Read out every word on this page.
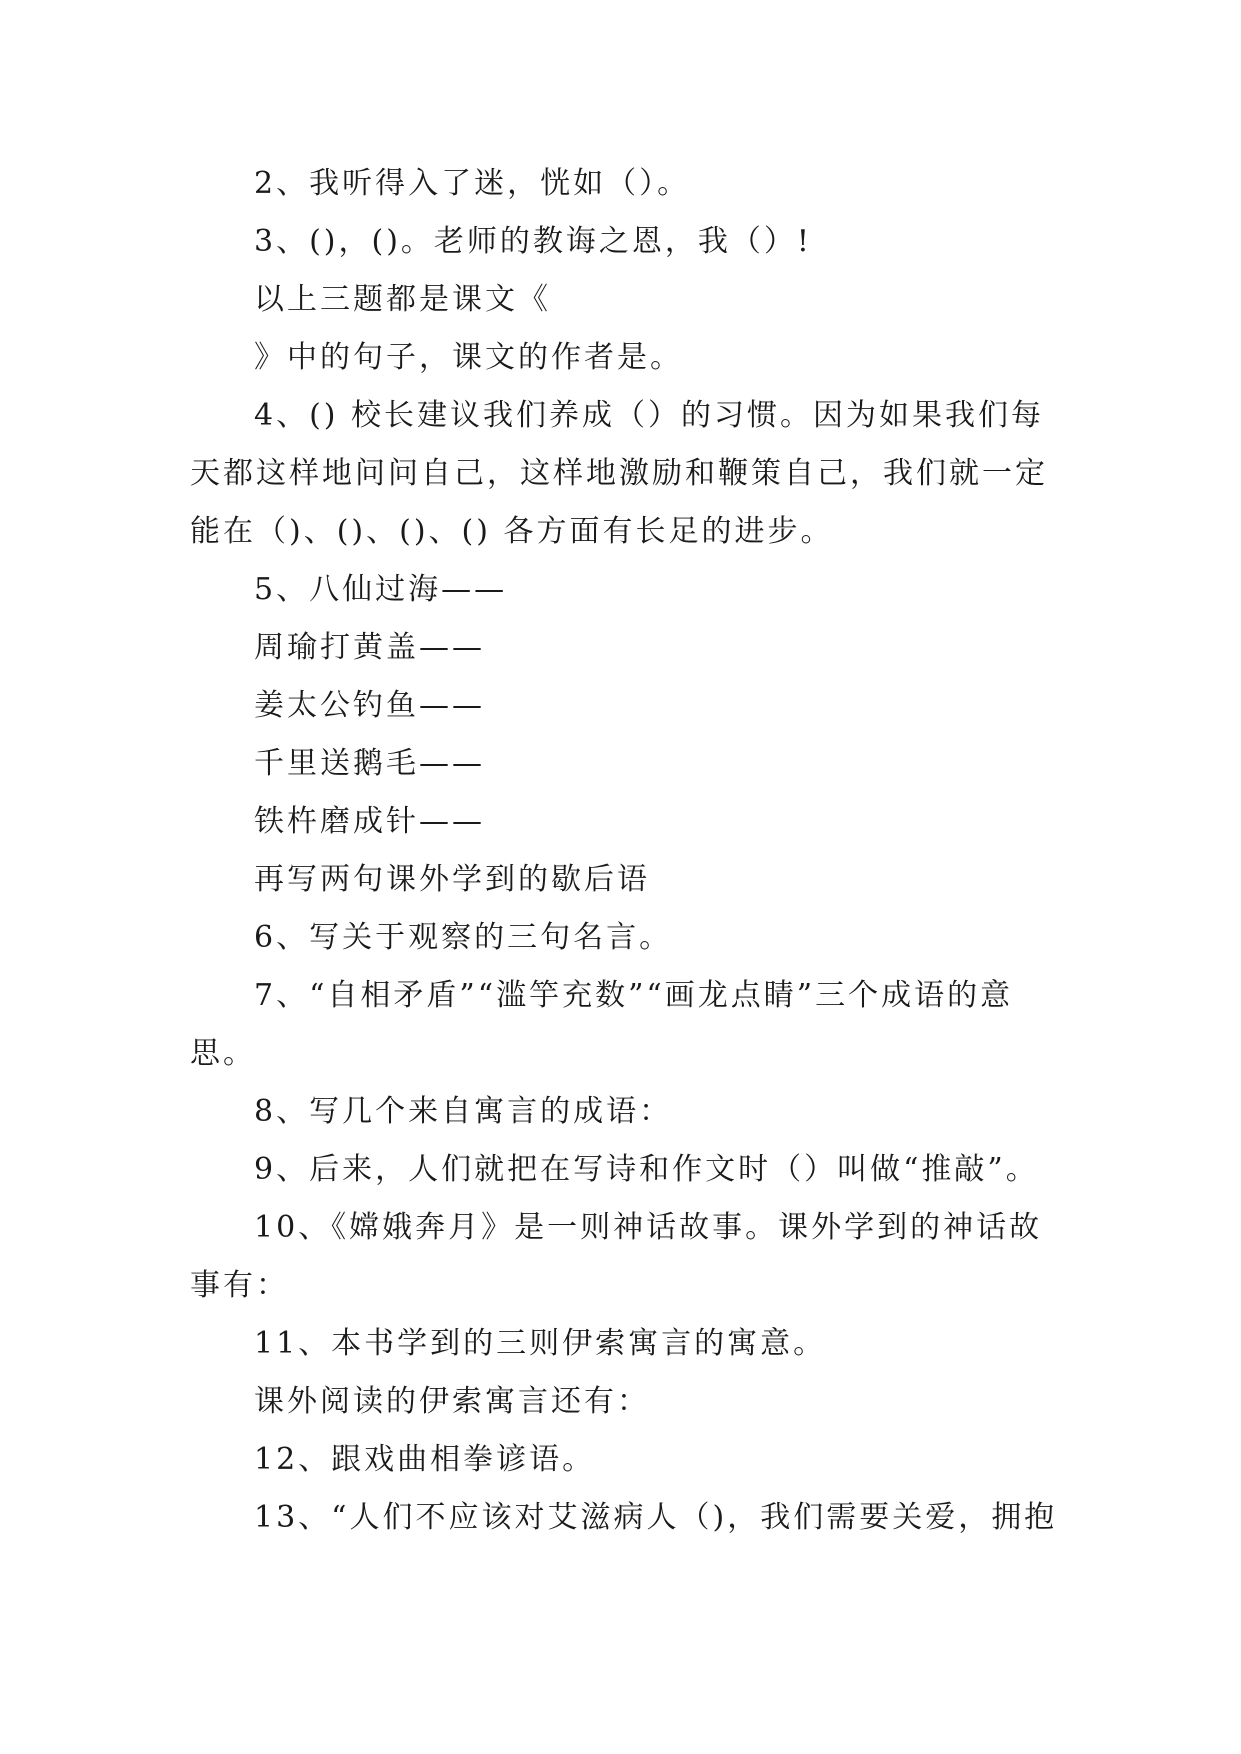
2、我听得入了迷，恍如（）。
3、()，()。老师的教诲之恩，我（）!
以上三题都是课文《
》中的句子，课文的作者是。
4、() 校长建议我们养成（）的习惯。因为如果我们每
天都这样地问问自己，这样地激励和鞭策自己，我们就一定
能在（)、()、()、() 各方面有长足的进步。
5、八仙过海——
周瑜打黄盖——
姜太公钓鱼——
千里送鹅毛——
铁杵磨成针——
再写两句课外学到的歇后语
6、写关于观察的三句名言。
7、“自相矛盾”“滥竽充数”“画龙点睛”三个成语的意
思。
8、写几个来自寓言的成语：
9、后来，人们就把在写诗和作文时（）叫做“推敲”。
10、《嫦娥奔月》是一则神话故事。课外学到的神话故
事有：
11、本书学到的三则伊索寓言的寓意。
课外阅读的伊索寓言还有：
12、跟戏曲相拳谚语。
13、“人们不应该对艾滋病人（)，我们需要关爱，拥抱
